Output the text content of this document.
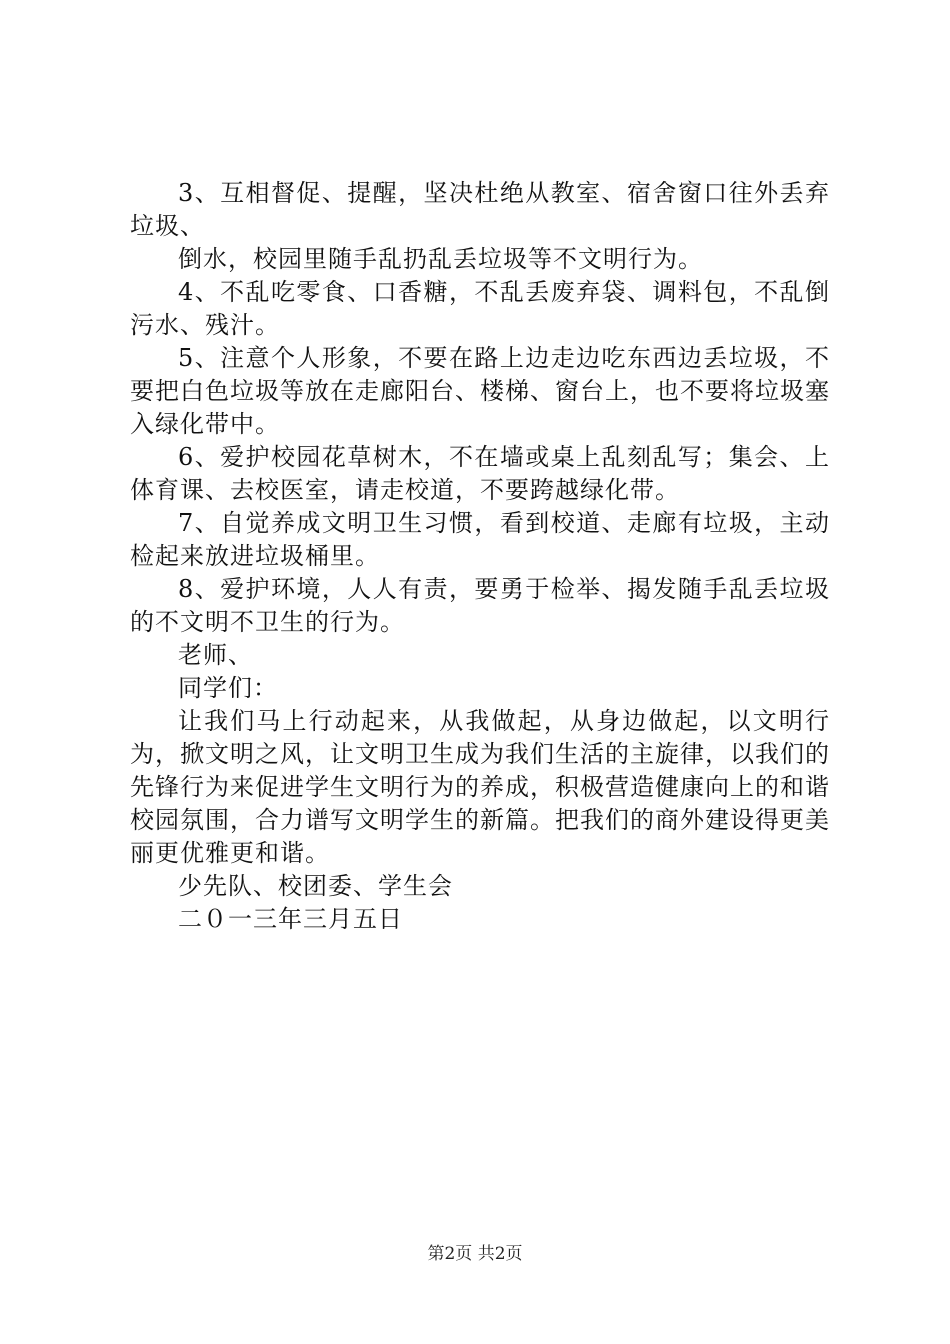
3、互相督促、提醒，坚决杜绝从教室、宿舍窗口往外丢弃垃圾、

倒水，校园里随手乱扔乱丢垃圾等不文明行为。

4、不乱吃零食、口香糖，不乱丢废弃袋、调料包，不乱倒污水、残汁。

5、注意个人形象，不要在路上边走边吃东西边丢垃圾，不要把白色垃圾等放在走廊阳台、楼梯、窗台上，也不要将垃圾塞入绿化带中。

6、爱护校园花草树木，不在墙或桌上乱刻乱写；集会、上体育课、去校医室，请走校道，不要跨越绿化带。

7、自觉养成文明卫生习惯，看到校道、走廊有垃圾，主动检起来放进垃圾桶里。

8、爱护环境，人人有责，要勇于检举、揭发随手乱丢垃圾的不文明不卫生的行为。

老师、

同学们：

让我们马上行动起来，从我做起，从身边做起，以文明行为，掀文明之风，让文明卫生成为我们生活的主旋律，以我们的先锋行为来促进学生文明行为的养成，积极营造健康向上的和谐校园氛围，合力谱写文明学生的新篇。把我们的商外建设得更美丽更优雅更和谐。

少先队、校团委、学生会

二０一三年三月五日

第2页 共2页
